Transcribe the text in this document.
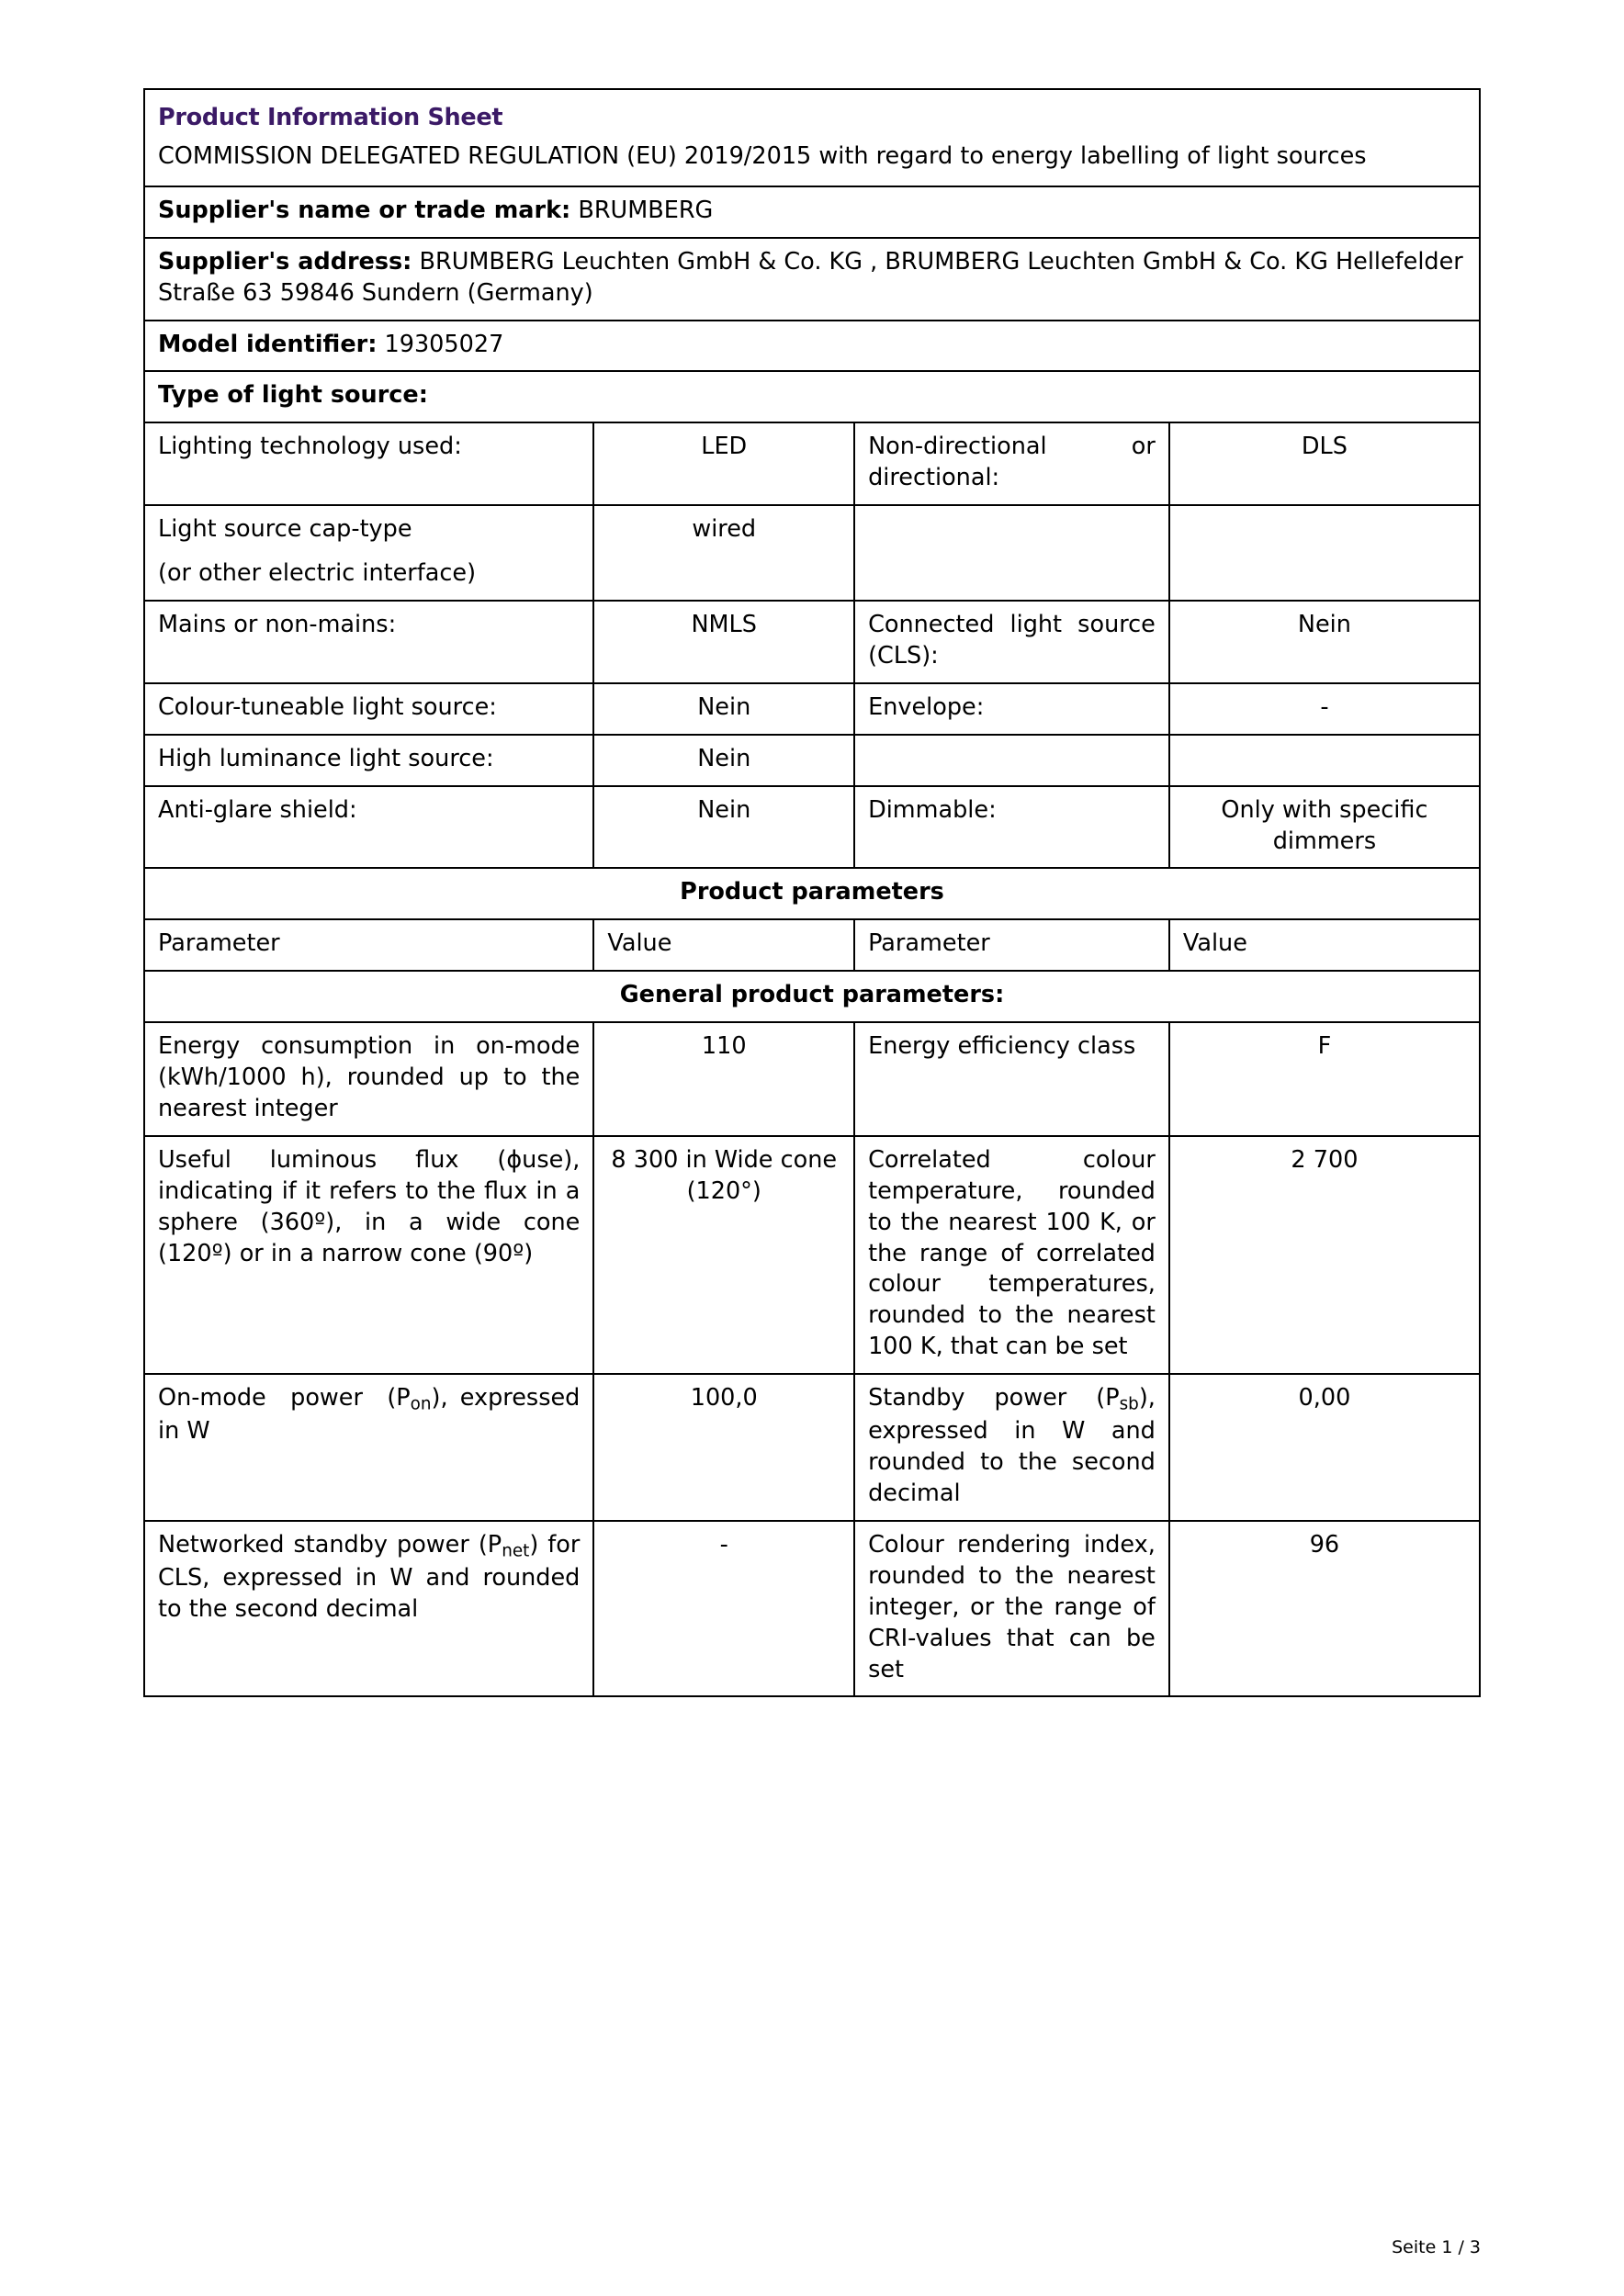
Product Information Sheet			
COMMISSION DELEGATED REGULATION (EU) 2019/2015 with regard to energy labelling of light sources			
Supplier's name or trade mark: BRUMBERG			
Supplier's address: BRUMBERG Leuchten GmbH & Co. KG , BRUMBERG Leuchten GmbH & Co. KG Hellefelder Straße 63 59846 Sundern (Germany)			
Model identifier: 19305027			
Type of light source:			
Lighting technology used:	LED	Non-directional or directional:	DLS

Light source cap-type
(or other electric interface)	wired		
Mains or non-mains:	NMLS	Connected light source (CLS):	Nein
Colour-tuneable light source:	Nein	Envelope:	-
High luminance light source:	Nein		
Anti-glare shield:	Nein	Dimmable:	Only with specific dimmers
Product parameters			
Parameter	Value	Parameter	Value
General product parameters:			
Energy consumption in on-mode (kWh/1000 h), rounded up to the nearest integer	110	Energy efficiency class	F
Useful luminous flux (ϕuse), indicating if it refers to the flux in a sphere (360º), in a wide cone (120º) or in a narrow cone (90º)	8 300 in Wide cone (120°)	Correlated colour temperature, rounded to the nearest 100 K, or the range of correlated colour temperatures, rounded to the nearest 100 K, that can be set	2 700
On-mode  power  $(P_{on})$, expressed in W	100,0	Standby power $(P_{sb})$, expressed in W and rounded to the second decimal	0,00
Networked standby power $(P_{net})$ for CLS, expressed in W and rounded to the second decimal	-	Colour rendering index, rounded to the nearest integer, or the range of CRI-values that can be set	96
Seite 1 / 3
